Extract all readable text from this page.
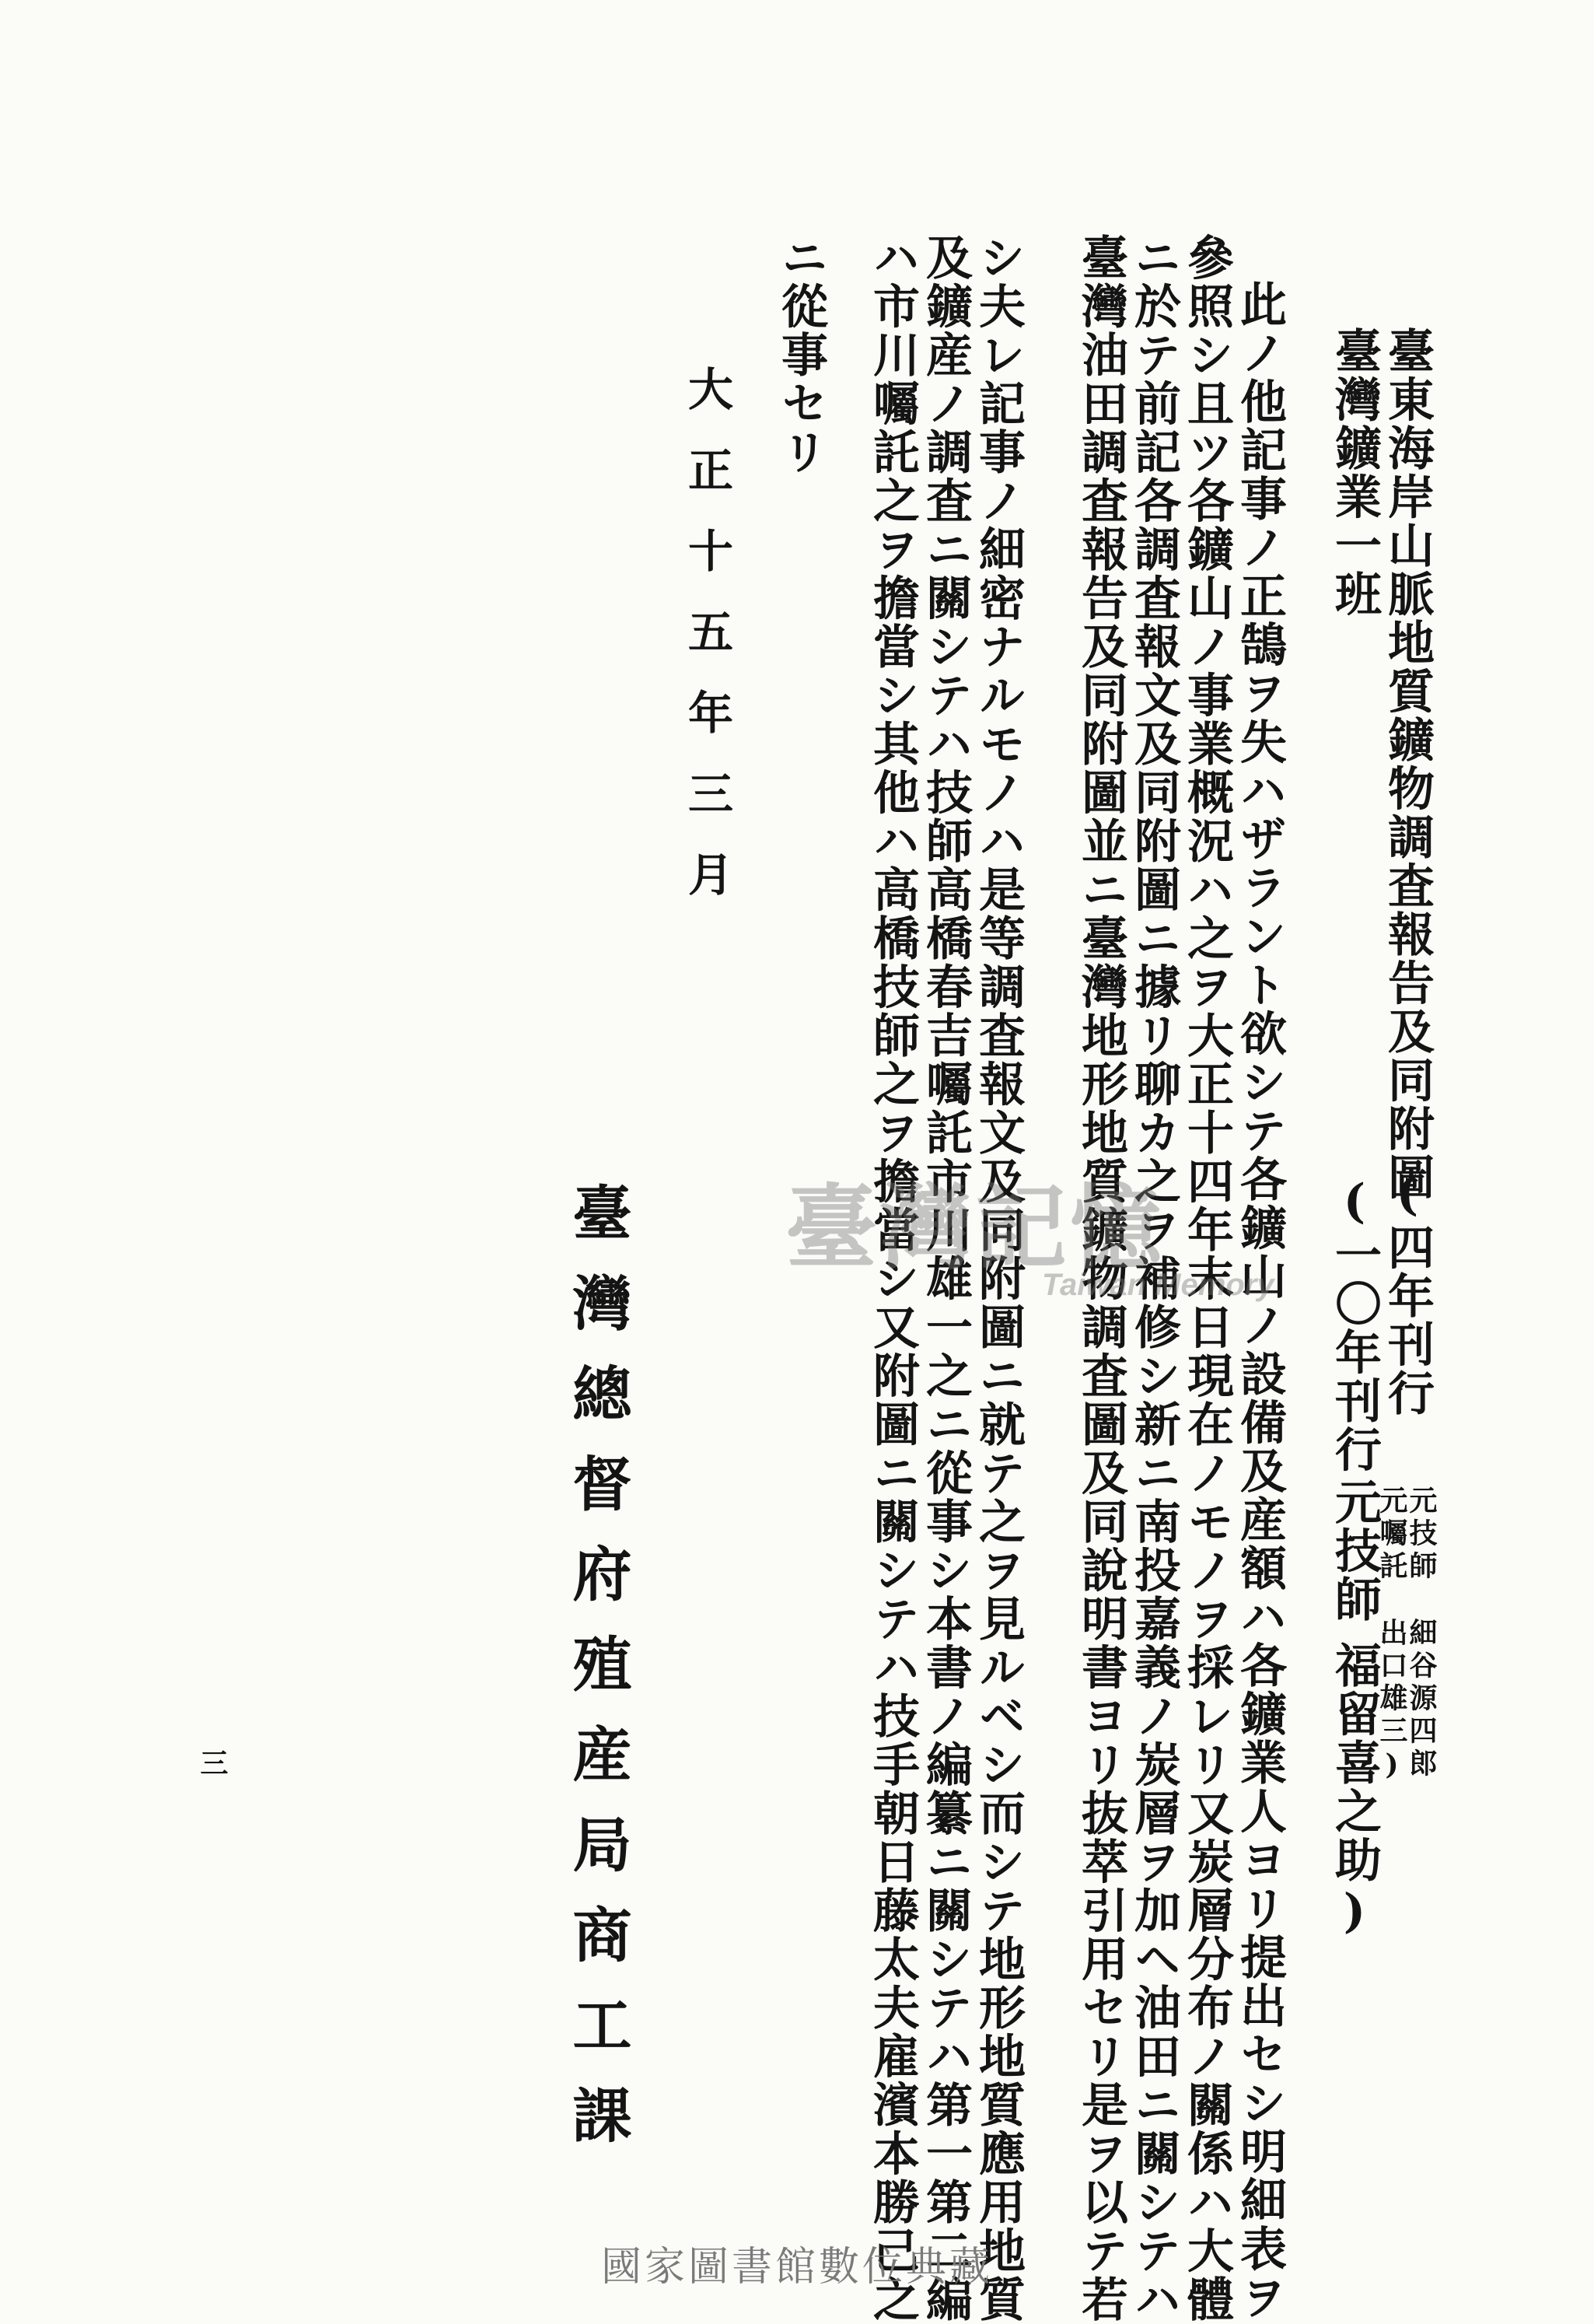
臺東海岸山脈地質鑛物調査報告及同附圖
臺灣鑛業一班
此ノ他記事ノ正鵠ヲ失ハザラント欲シテ各鑛山ノ設備及産額ハ各鑛業人ヨリ提出セシ明細表ヲ
參照シ且ツ各鑛山ノ事業概況ハ之ヲ大正十四年末日現在ノモノヲ採レリ又炭層分布ノ關係ハ大體
ニ於テ前記各調査報文及同附圖ニ據リ聊カ之ヲ補修シ新ニ南投嘉義ノ炭層ヲ加ヘ油田ニ關シテハ
臺灣油田調査報告及同附圖並ニ臺灣地形地質鑛物調査圖及同說明書ヨリ抜萃引用セリ是ヲ以テ若
シ夫レ記事ノ細密ナルモノハ是等調査報文及同附圖ニ就テ之ヲ見ルベシ而シテ地形地質應用地質
及鑛産ノ調査ニ關シテハ技師高橋春吉囑託市川雄一之ニ從事シ本書ノ編纂ニ關シテハ第一第二編
ハ市川囑託之ヲ擔當シ其他ハ高橋技師之ヲ擔當シ又附圖ニ關シテハ技手朝日藤太夫雇濱本勝己之
ニ從事セリ
(四年刊行
元技師
細谷源四郎
元囑託
出口雄三)
(一〇年刊行
元技師
福留喜之助)
大正十五年三月
臺灣總督府殖産局商工課
三
臺灣記憶
Taiwan Memory
國家圖書館數位典藏
